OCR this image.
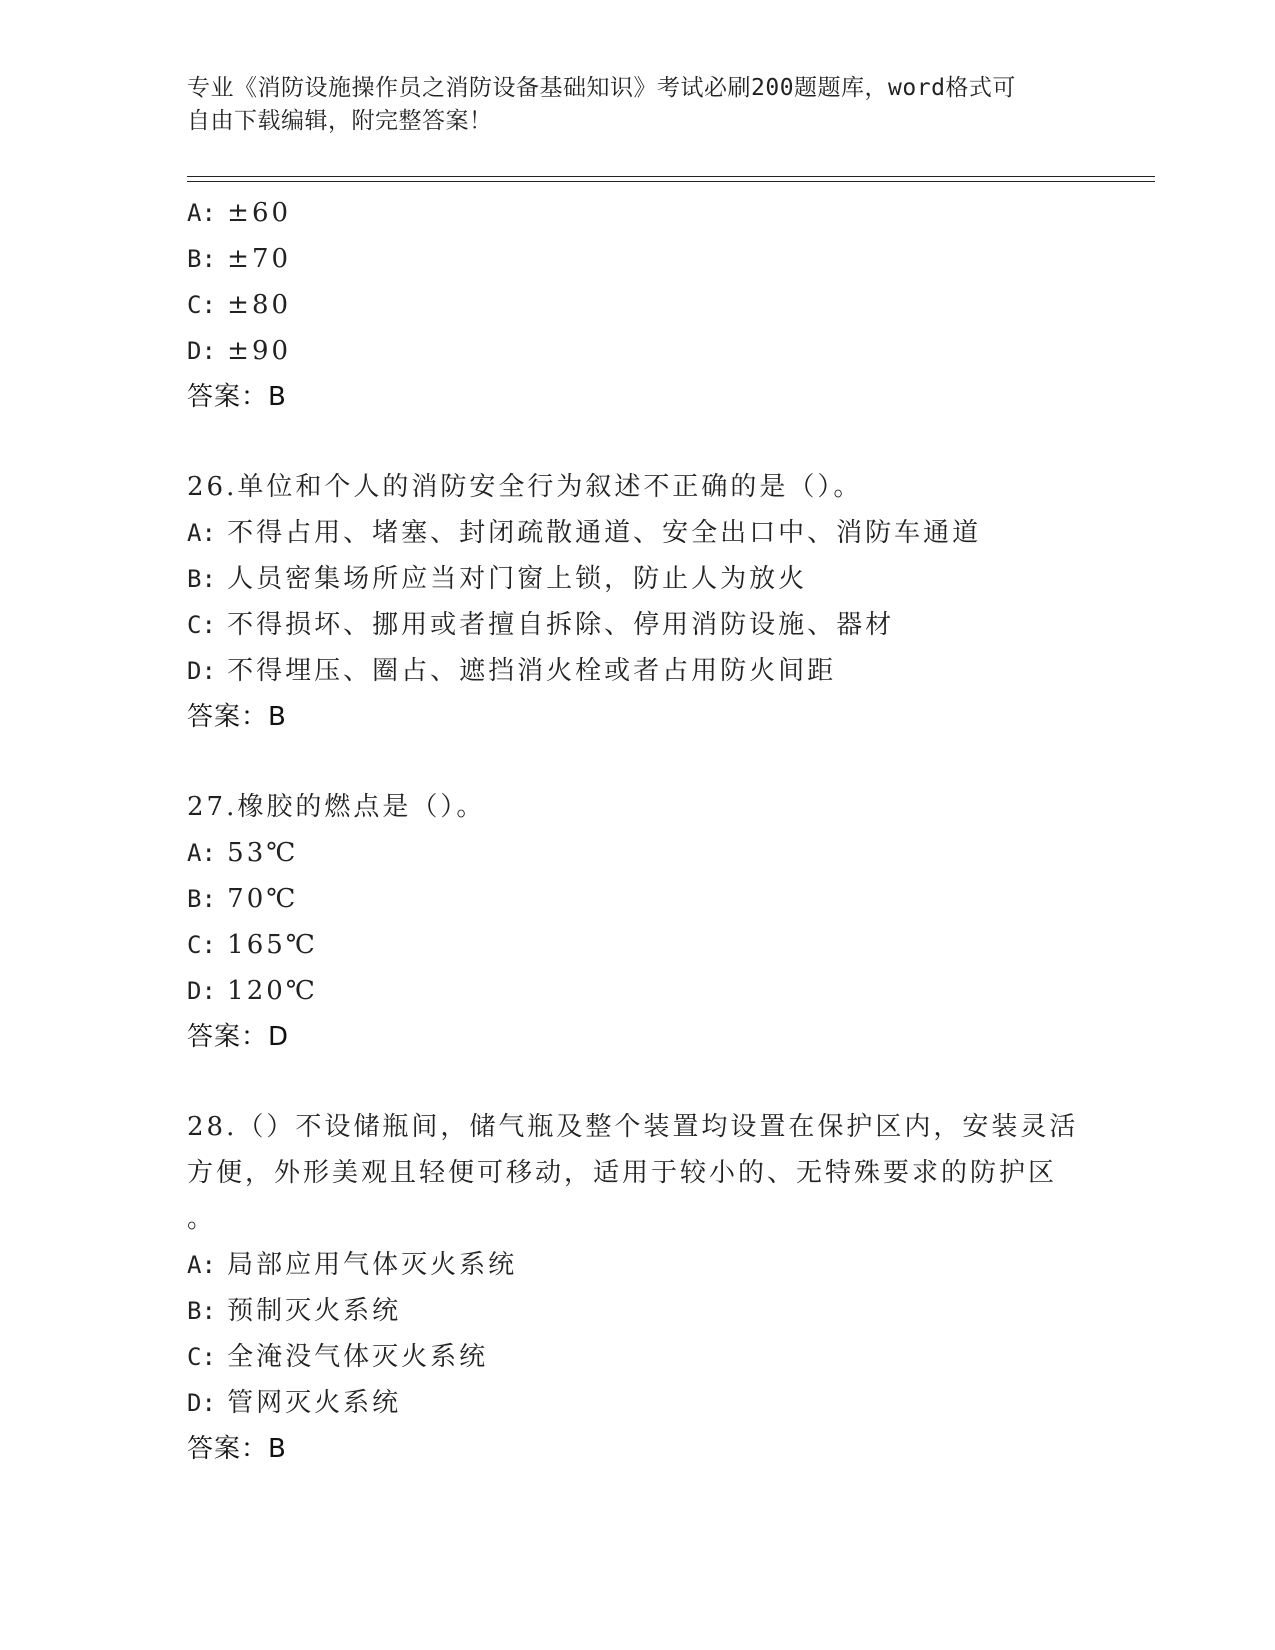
专业《消防设施操作员之消防设备基础知识》考试必刷200题题库，word格式可
自由下载编辑，附完整答案！
A: ±60
B: ±70
C: ±80
D: ±90
答案：B
26.单位和个人的消防安全行为叙述不正确的是（）。
A: 不得占用、堵塞、封闭疏散通道、安全出口中、消防车通道
B: 人员密集场所应当对门窗上锁，防止人为放火
C: 不得损坏、挪用或者擅自拆除、停用消防设施、器材
D: 不得埋压、圈占、遮挡消火栓或者占用防火间距
答案：B
27.橡胶的燃点是（）。
A: 53℃
B: 70℃
C: 165℃
D: 120℃
答案：D
28.（）不设储瓶间，储气瓶及整个装置均设置在保护区内，安装灵活
方便，外形美观且轻便可移动，适用于较小的、无特殊要求的防护区
。
A: 局部应用气体灭火系统
B: 预制灭火系统
C: 全淹没气体灭火系统
D: 管网灭火系统
答案：B
